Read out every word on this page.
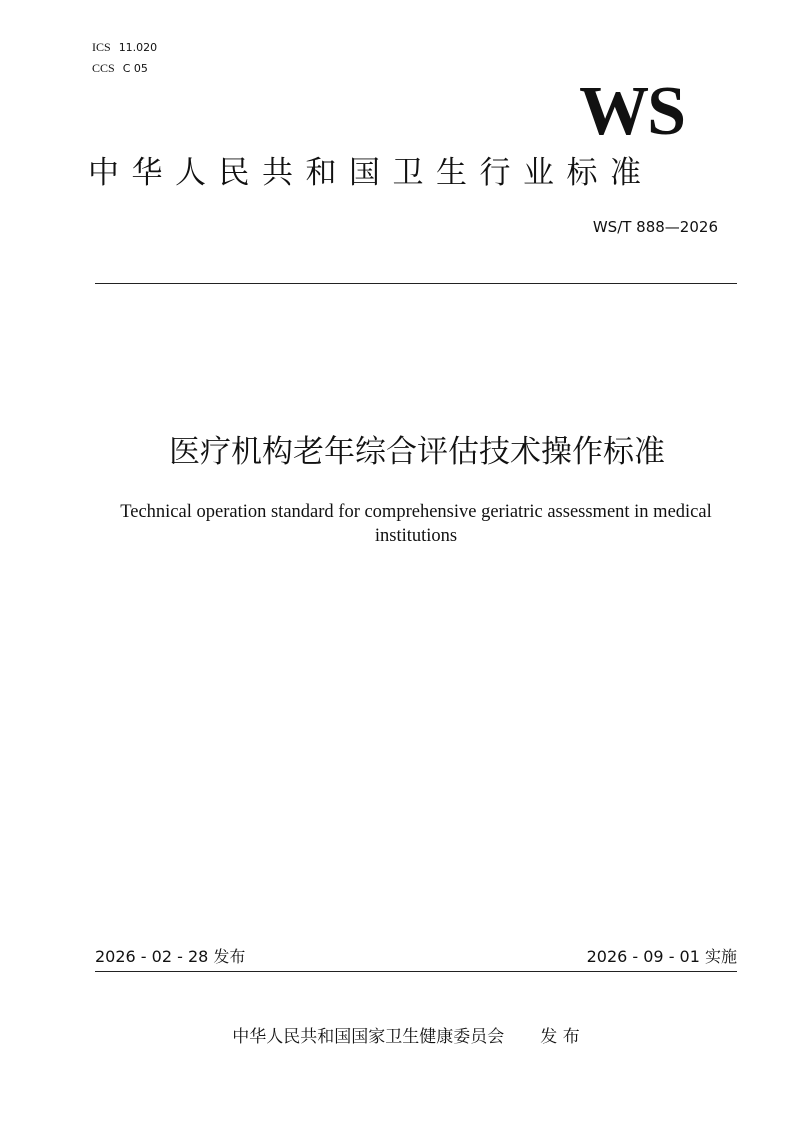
ICS 11.020
CCS C 05
WS
中华人民共和国卫生行业标准
WS/T 888—2026
医疗机构老年综合评估技术操作标准
Technical operation standard for comprehensive geriatric assessment in medical institutions
2026 - 02 - 28 发布	2026 - 09 - 01 实施
中华人民共和国国家卫生健康委员会 发 布
